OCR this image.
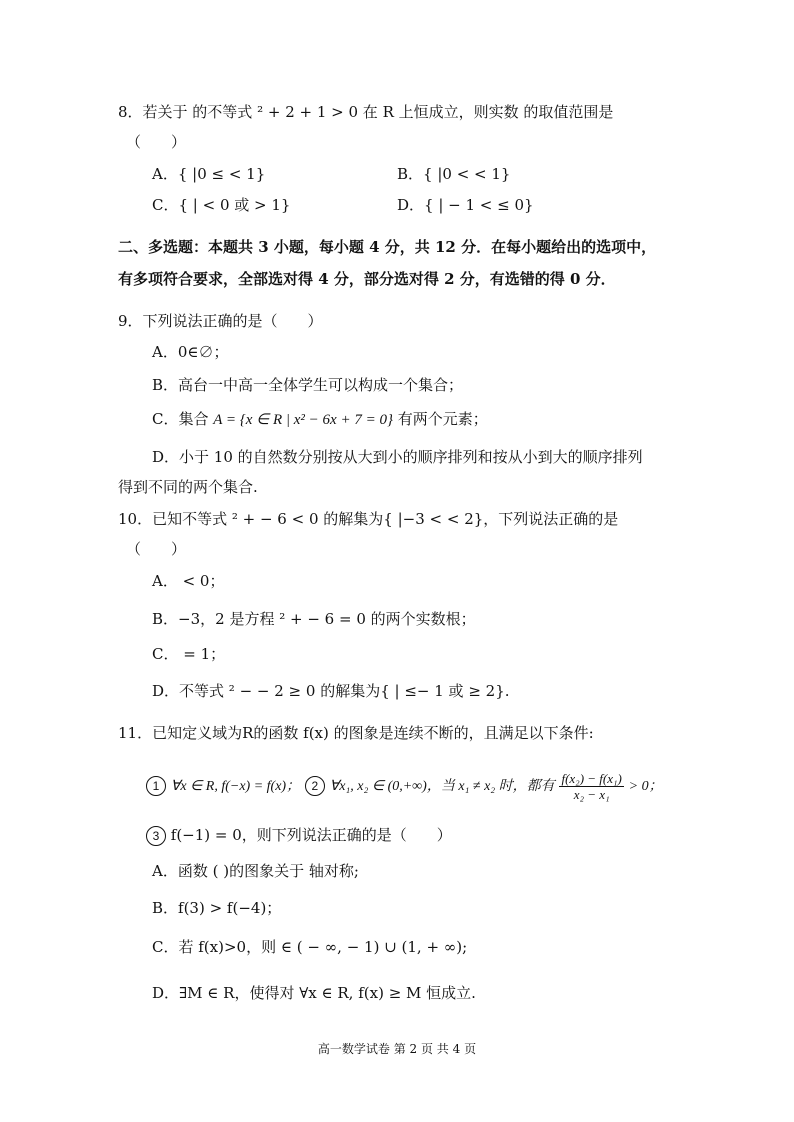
8．若关于 的不等式 ² + 2 + 1 > 0 在 R 上恒成立，则实数 的取值范围是
（　　）
A．{ |0 ≤ < 1}	B．{ |0 < < 1}
C．{ | < 0 或 > 1}	D．{ | − 1 < ≤ 0}
二、多选题：本题共 3 小题，每小题 4 分，共 12 分．在每小题给出的选项中，
有多项符合要求，全部选对得 4 分，部分选对得 2 分，有选错的得 0 分．
9．下列说法正确的是（　　）
A．0∈∅；
B．高台一中高一全体学生可以构成一个集合；
C．集合 A = {x ∈ R | x² − 6x + 7 = 0} 有两个元素；
D．小于 10 的自然数分别按从大到小的顺序排列和按从小到大的顺序排列
得到不同的两个集合.
10．已知不等式 ² + − 6 < 0 的解集为{ |−3 < < 2}，下列说法正确的是
（　　）
A． < 0；
B．−3，2 是方程 ² + − 6 = 0 的两个实数根；
C． = 1；
D．不等式 ² − − 2 ≥ 0 的解集为{ | ≤− 1 或 ≥ 2}.
11．已知定义域为R的函数 f(x) 的图象是连续不断的，且满足以下条件:
1 ∀x ∈ R, f(−x) = f(x)； 2 ∀x₁, x₂ ∈ (0,+∞)，当 x₁ ≠ x₂ 时，都有 $\frac{\text{f(x₂) − f(x₁)}}{\text{x₂ − x₁}} > 0$；
3 f(−1) = 0，则下列说法正确的是（　　）
A．函数 ( )的图象关于 轴对称;
B．f(3) > f(−4)；
C．若 f(x)>0，则 ∈ ( − ∞, − 1) ∪ (1, + ∞);
D．∃M ∈ R，使得对 ∀x ∈ R, f(x) ≥ M 恒成立.
高一数学试卷 第 2 页 共 4 页
